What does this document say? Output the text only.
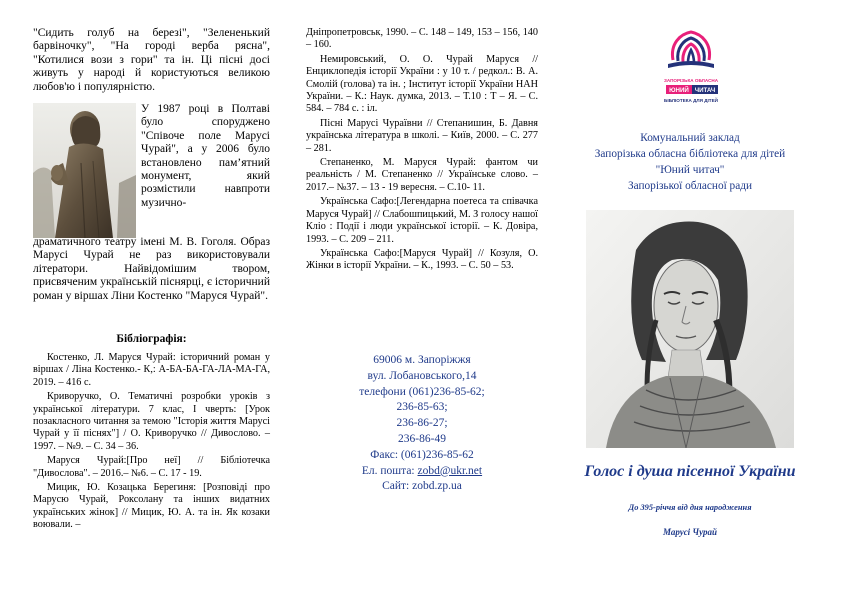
"Сидить голуб на березі", "Зелененький барвіночку", "На городі верба рясна", "Котилися вози з гори" та ін. Ці пісні досі живуть у народі й користуються великою любов'ю і популярністю.

У 1987 році в Полтаві було споруджено "Співоче поле Марусі Чурай", а у 2006 було встановлено пам’ятний монумент, який розмістили навпроти музично-

драматичного театру імені М. В. Гоголя. Образ Марусі Чурай не раз використовували літератори. Найвідомішим твором, присвяченим українській піснярці, є історичний роман у віршах Ліни Костенко "Маруся Чурай".

Бібліографія:

Костенко, Л. Маруся Чурай: історичний роман у віршах / Ліна Костенко.- К,: А-БА-БА-ГА-ЛА-МА-ГА, 2019. – 416 с.

Криворучко, О. Тематичні розробки уроків з української літератури. 7 клас, І чверть: [Урок позакласного читання за темою "Історія життя Марусі Чурай у її піснях"] / О. Криворучко // Дивослово. – 1997. – №9. – С. 34 – 36.

Маруся Чурай:[Про неї] // Бібліотечка "Дивослова". – 2016.– №6. – С. 17 - 19.

Мицик, Ю. Козацька Берегиня: [Розповіді про Марусю Чурай, Роксолану та інших видатних українських жінок] // Мицик, Ю. А. та ін. Як козаки воювали. –

Дніпропетровськ, 1990. – С. 148 – 149, 153 – 156, 140 – 160.

Немировський, О. О. Чурай Маруся // Енциклопедія історії України : у 10 т. / редкол.: В. А. Смолій (голова) та ін. ; Інститут історії України НАН України. – К.: Наук. думка, 2013. – Т.10 : Т – Я. – С. 584. – 784 с. : іл.

Пісні Марусі Чураївни // Степанишин, Б. Давня українська література в школі. – Київ, 2000. – С. 277 – 281.

Степаненко, М. Маруся Чурай: фантом чи реальність / М. Степаненко // Українське слово. – 2017.– №37. – 13 - 19 вересня. – С.10- 11.

Українська Сафо:[Легендарна поетеса та співачка Маруся Чурай] // Слабошпицький, М. З голосу нашої Кліо : Події і люди української історії. – К. Довіра, 1993. – С. 209 – 211.

Українська Сафо:[Маруся Чурай] // Козуля, О. Жінки в історії України. – К., 1993. – С. 50 – 53.

69006 м. Запоріжжя
вул. Лобановського,14
телефони (061)236-85-62;
236-85-63;
236-86-27;
236-86-49
Факс: (061)236-85-62
Ел. пошта: zobd@ukr.net
Сайт: zobd.zp.ua
ЗАПОРІЗЬКА ОБЛАСНА
ЮНИЙ ЧИТАЧ
БІБЛІОТЕКА ДЛЯ ДІТЕЙ
Комунальний заклад
Запорізька обласна бібліотека для дітей
"Юний читач"
Запорізької обласної ради
Голос і душа пісенної України
До 395-річчя від дня народження
Марусі Чурай
